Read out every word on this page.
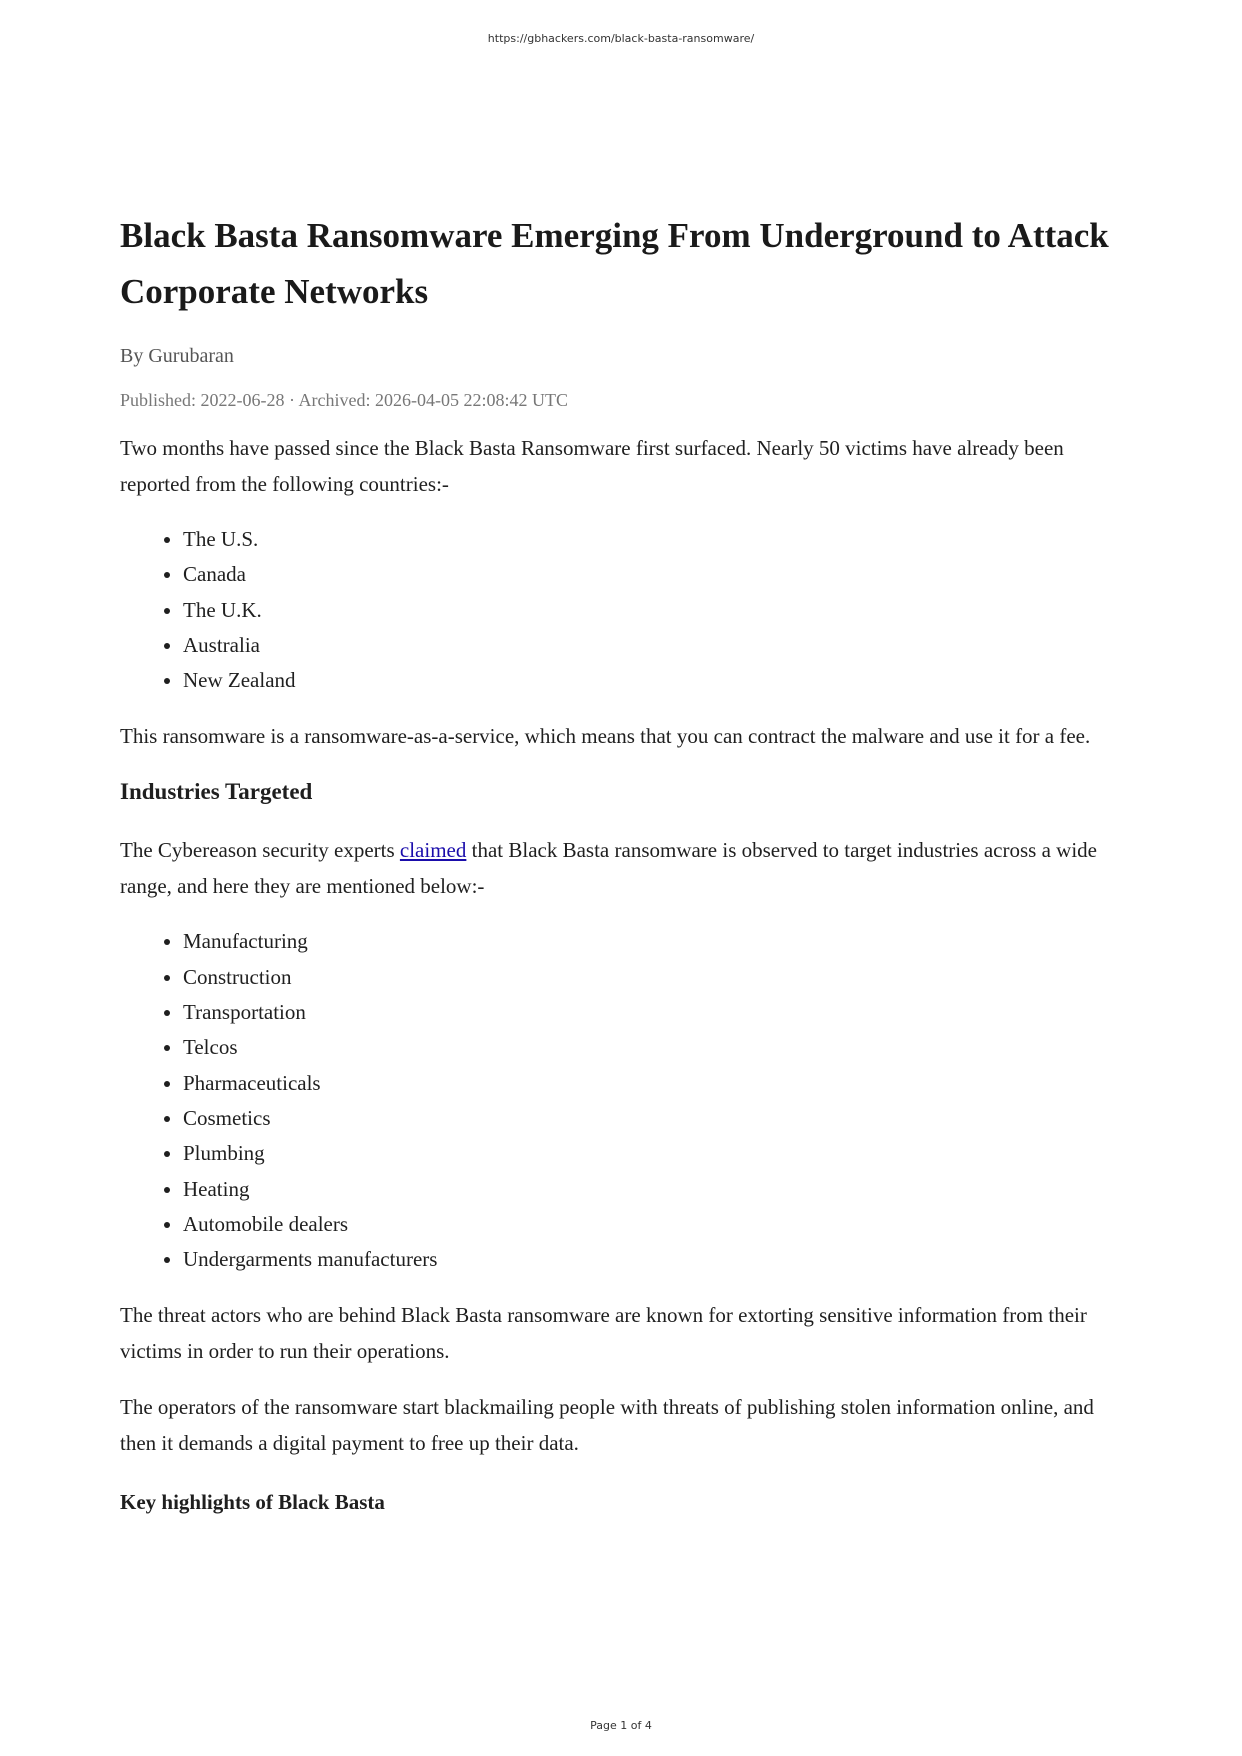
https://gbhackers.com/black-basta-ransomware/
Black Basta Ransomware Emerging From Underground to Attack Corporate Networks
By Gurubaran
Published: 2022-06-28 · Archived: 2026-04-05 22:08:42 UTC

Two months have passed since the Black Basta Ransomware first surfaced. Nearly 50 victims have already been reported from the following countries:-

• The U.S.
• Canada
• The U.K.
• Australia
• New Zealand

This ransomware is a ransomware-as-a-service, which means that you can contract the malware and use it for a fee.

Industries Targeted

The Cybereason security experts claimed that Black Basta ransomware is observed to target industries across a wide range, and here they are mentioned below:-

• Manufacturing
• Construction
• Transportation
• Telcos
• Pharmaceuticals
• Cosmetics
• Plumbing
• Heating
• Automobile dealers
• Undergarments manufacturers

The threat actors who are behind Black Basta ransomware are known for extorting sensitive information from their victims in order to run their operations.

The operators of the ransomware start blackmailing people with threats of publishing stolen information online, and then it demands a digital payment to free up their data.

Key highlights of Black Basta
Page 1 of 4
